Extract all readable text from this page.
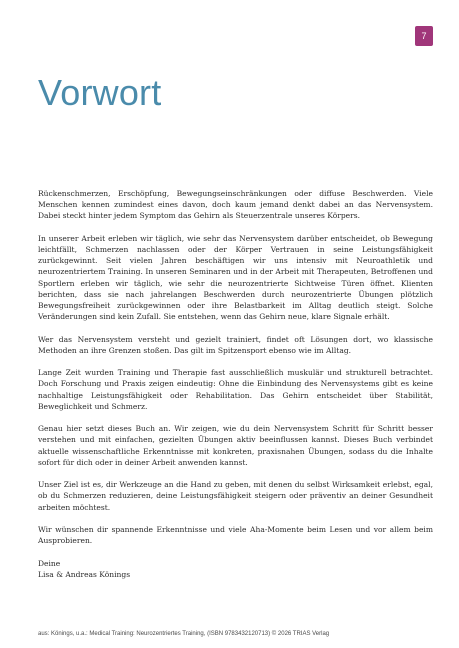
7
Vorwort

Rückenschmerzen, Erschöpfung, Bewegungseinschränkungen oder diffuse Beschwerden. Viele Menschen kennen zumindest eines davon, doch kaum jemand denkt dabei an das Nervensystem. Dabei steckt hinter jedem Symptom das Gehirn als Steuerzentrale unseres Körpers.

In unserer Arbeit erleben wir täglich, wie sehr das Nervensystem darüber entscheidet, ob Bewegung leichtfällt, Schmerzen nachlassen oder der Körper Vertrauen in seine Leistungsfähigkeit zurückgewinnt. Seit vielen Jahren beschäftigen wir uns intensiv mit Neuroathletik und neurozentriertem Training. In unseren Seminaren und in der Arbeit mit Therapeuten, Betroffenen und Sportlern erleben wir täglich, wie sehr die neurozentrierte Sichtweise Türen öffnet. Klienten berichten, dass sie nach jahrelangen Beschwerden durch neurozentrierte Übungen plötzlich Bewegungsfreiheit zurückgewinnen oder ihre Belastbarkeit im Alltag deutlich steigt. Solche Veränderungen sind kein Zufall. Sie entstehen, wenn das Gehirn neue, klare Signale erhält.

Wer das Nervensystem versteht und gezielt trainiert, findet oft Lösungen dort, wo klassische Methoden an ihre Grenzen stoßen. Das gilt im Spitzensport ebenso wie im Alltag.

Lange Zeit wurden Training und Therapie fast ausschließlich muskulär und strukturell betrachtet. Doch Forschung und Praxis zeigen eindeutig: Ohne die Einbindung des Nervensystems gibt es keine nachhaltige Leistungsfähigkeit oder Rehabilitation. Das Gehirn entscheidet über Stabilität, Beweglichkeit und Schmerz.

Genau hier setzt dieses Buch an. Wir zeigen, wie du dein Nervensystem Schritt für Schritt besser verstehen und mit einfachen, gezielten Übungen aktiv beeinflussen kannst. Dieses Buch verbindet aktuelle wissenschaftliche Erkenntnisse mit konkreten, praxisnahen Übungen, sodass du die Inhalte sofort für dich oder in deiner Arbeit anwenden kannst.

Unser Ziel ist es, dir Werkzeuge an die Hand zu geben, mit denen du selbst Wirksamkeit erlebst, egal, ob du Schmerzen reduzieren, deine Leistungsfähigkeit steigern oder präventiv an deiner Gesundheit arbeiten möchtest.

Wir wünschen dir spannende Erkenntnisse und viele Aha-Momente beim Lesen und vor allem beim Ausprobieren.

Deine
Lisa & Andreas Könings
aus: Könings, u.a.: Medical Training: Neurozentriertes Training, (ISBN 9783432120713) © 2026 TRIAS Verlag
